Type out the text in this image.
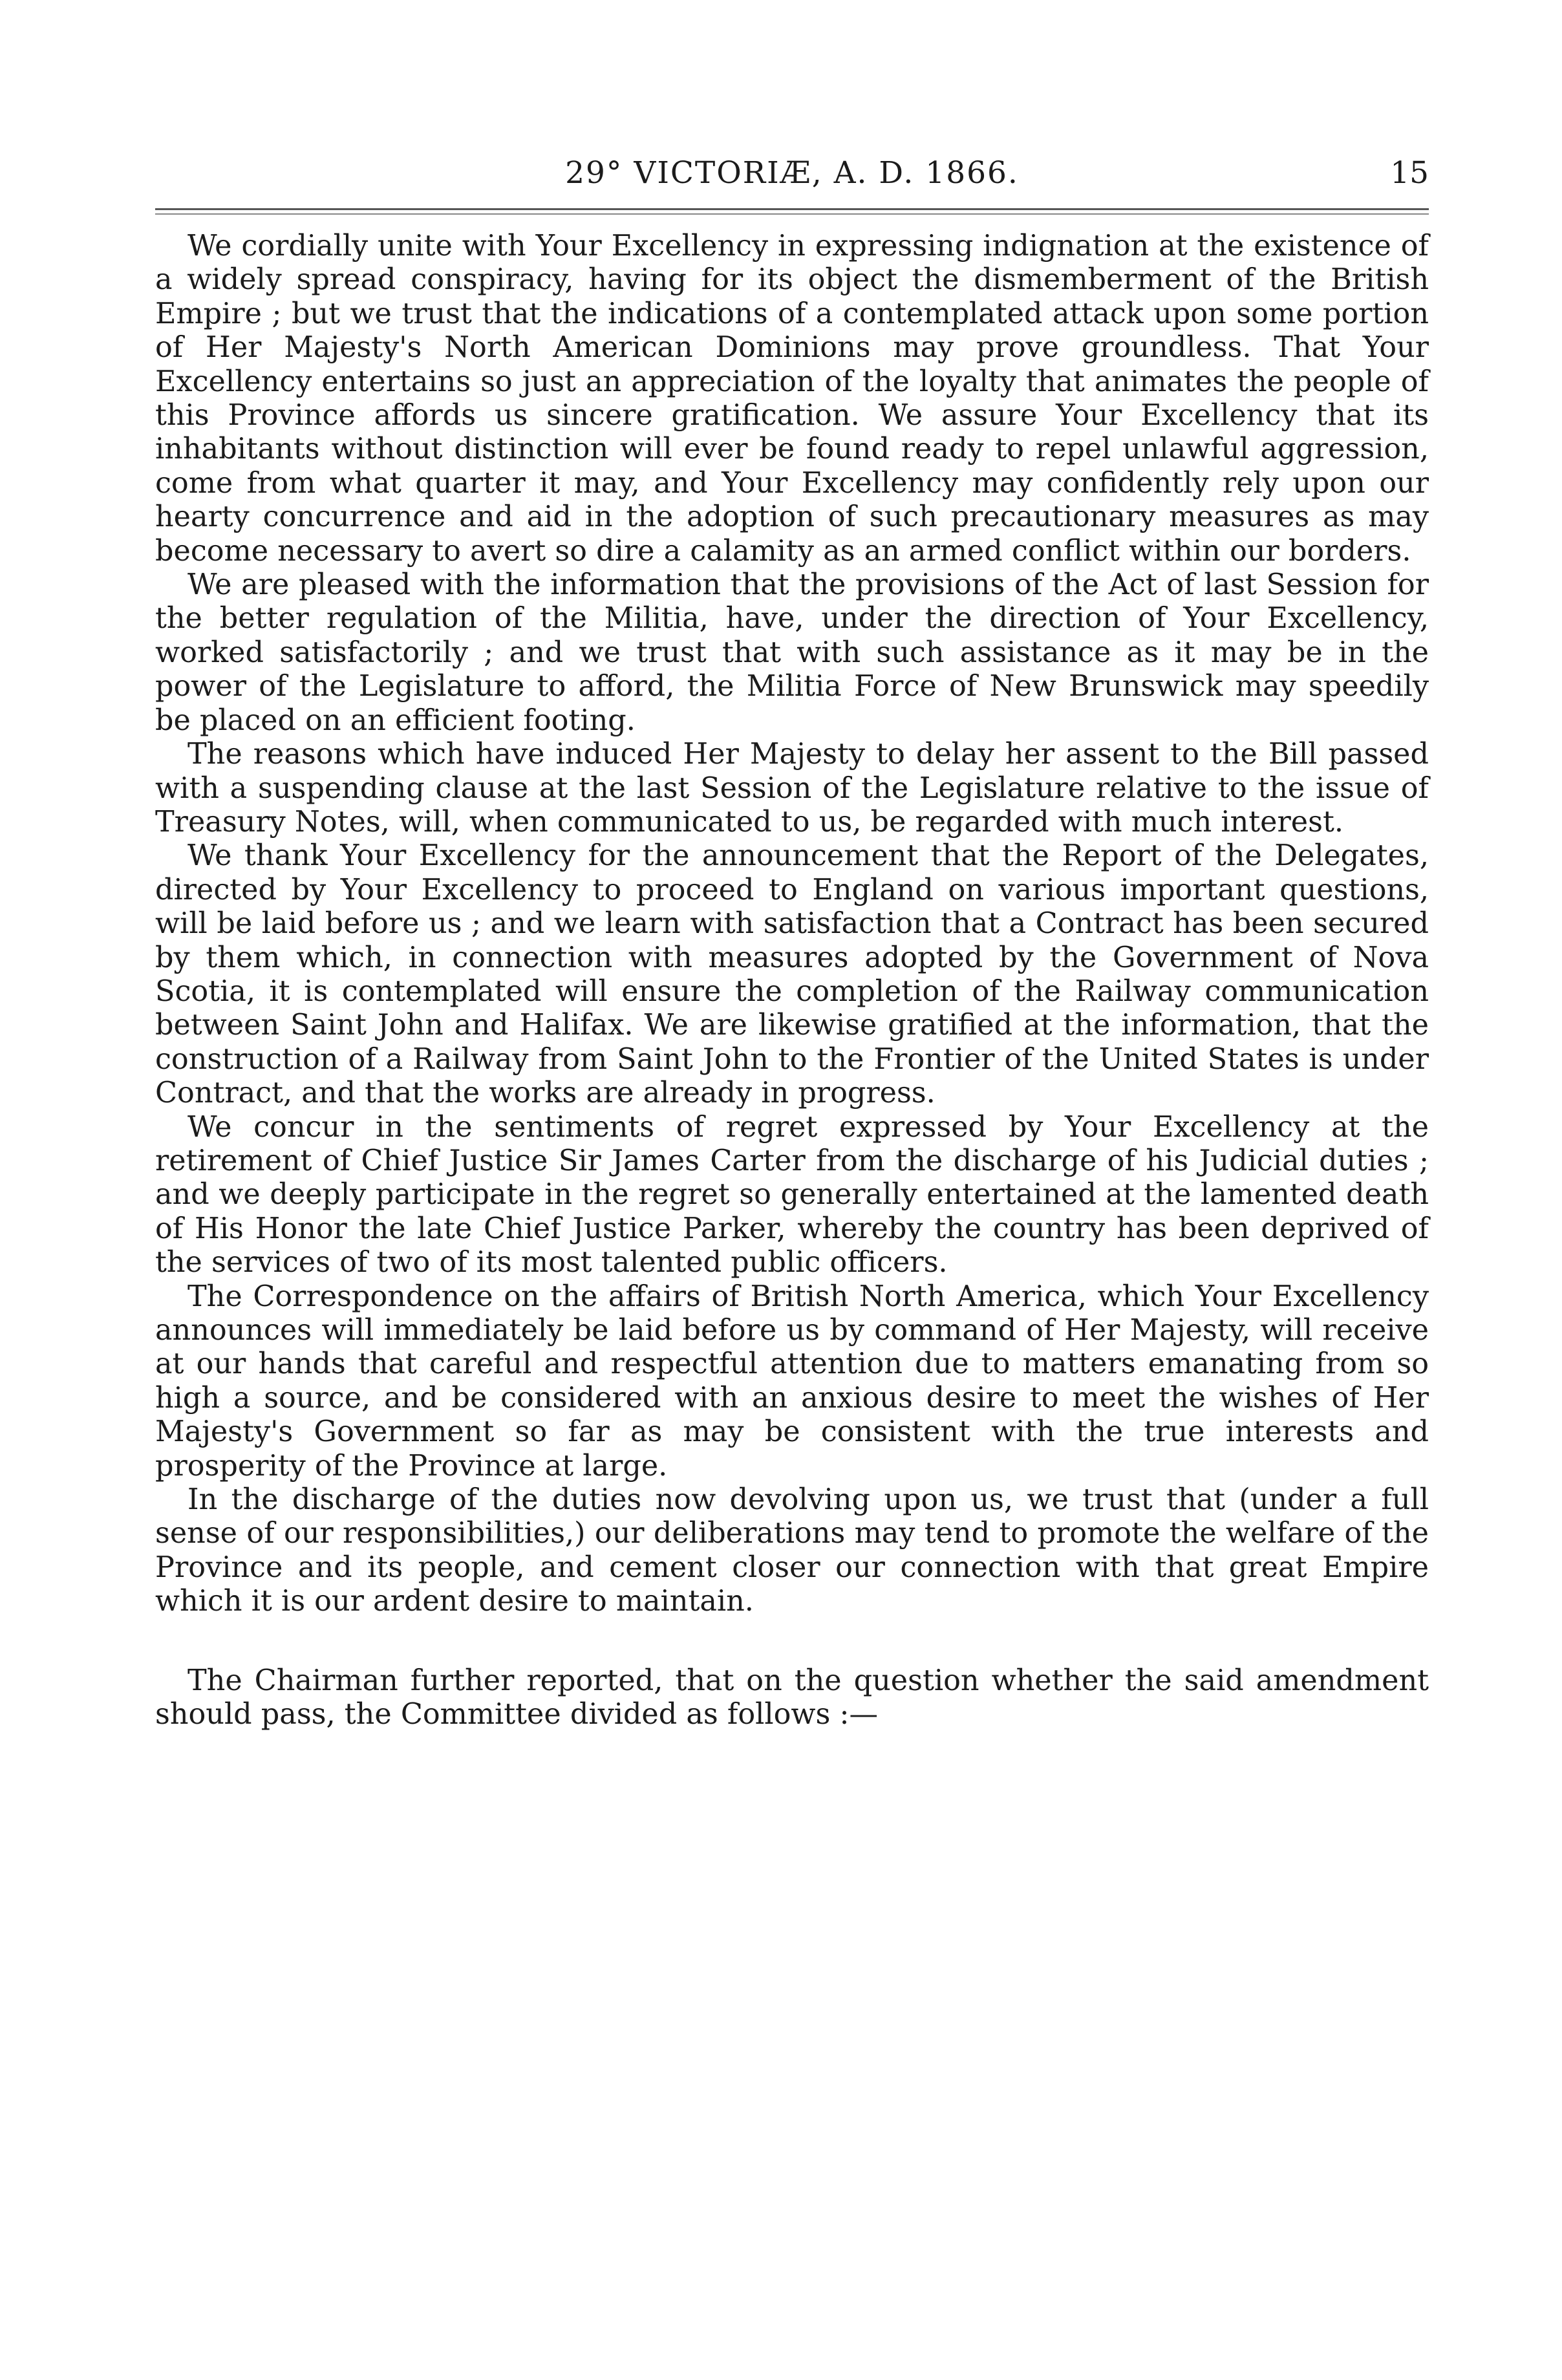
29° VICTORIÆ, A. D. 1866.	15

We cordially unite with Your Excellency in expressing indignation at the existence of a widely spread conspiracy, having for its object the dismemberment of the British Empire ; but we trust that the indications of a contemplated attack upon some portion of Her Majesty's North American Dominions may prove groundless. That Your Excellency entertains so just an appreciation of the loyalty that animates the people of this Province affords us sincere gratification. We assure Your Excellency that its inhabitants without distinction will ever be found ready to repel unlawful aggression, come from what quarter it may, and Your Excellency may confidently rely upon our hearty concurrence and aid in the adoption of such precautionary measures as may become necessary to avert so dire a calamity as an armed conflict within our borders.

We are pleased with the information that the provisions of the Act of last Session for the better regulation of the Militia, have, under the direction of Your Excellency, worked satisfactorily ; and we trust that with such assistance as it may be in the power of the Legislature to afford, the Militia Force of New Brunswick may speedily be placed on an efficient footing.

The reasons which have induced Her Majesty to delay her assent to the Bill passed with a suspending clause at the last Session of the Legislature relative to the issue of Treasury Notes, will, when communicated to us, be regarded with much interest.

We thank Your Excellency for the announcement that the Report of the Delegates, directed by Your Excellency to proceed to England on various important questions, will be laid before us ; and we learn with satisfaction that a Contract has been secured by them which, in connection with measures adopted by the Government of Nova Scotia, it is contemplated will ensure the completion of the Railway communication between Saint John and Halifax. We are likewise gratified at the information, that the construction of a Railway from Saint John to the Frontier of the United States is under Contract, and that the works are already in progress.

We concur in the sentiments of regret expressed by Your Excellency at the retirement of Chief Justice Sir James Carter from the discharge of his Judicial duties ; and we deeply participate in the regret so generally entertained at the lamented death of His Honor the late Chief Justice Parker, whereby the country has been deprived of the services of two of its most talented public officers.

The Correspondence on the affairs of British North America, which Your Excellency announces will immediately be laid before us by command of Her Majesty, will receive at our hands that careful and respectful attention due to matters emanating from so high a source, and be considered with an anxious desire to meet the wishes of Her Majesty's Government so far as may be consistent with the true interests and prosperity of the Province at large.

In the discharge of the duties now devolving upon us, we trust that (under a full sense of our responsibilities,) our deliberations may tend to promote the welfare of the Province and its people, and cement closer our connection with that great Empire which it is our ardent desire to maintain.

The Chairman further reported, that on the question whether the said amendment should pass, the Committee divided as follows :—
